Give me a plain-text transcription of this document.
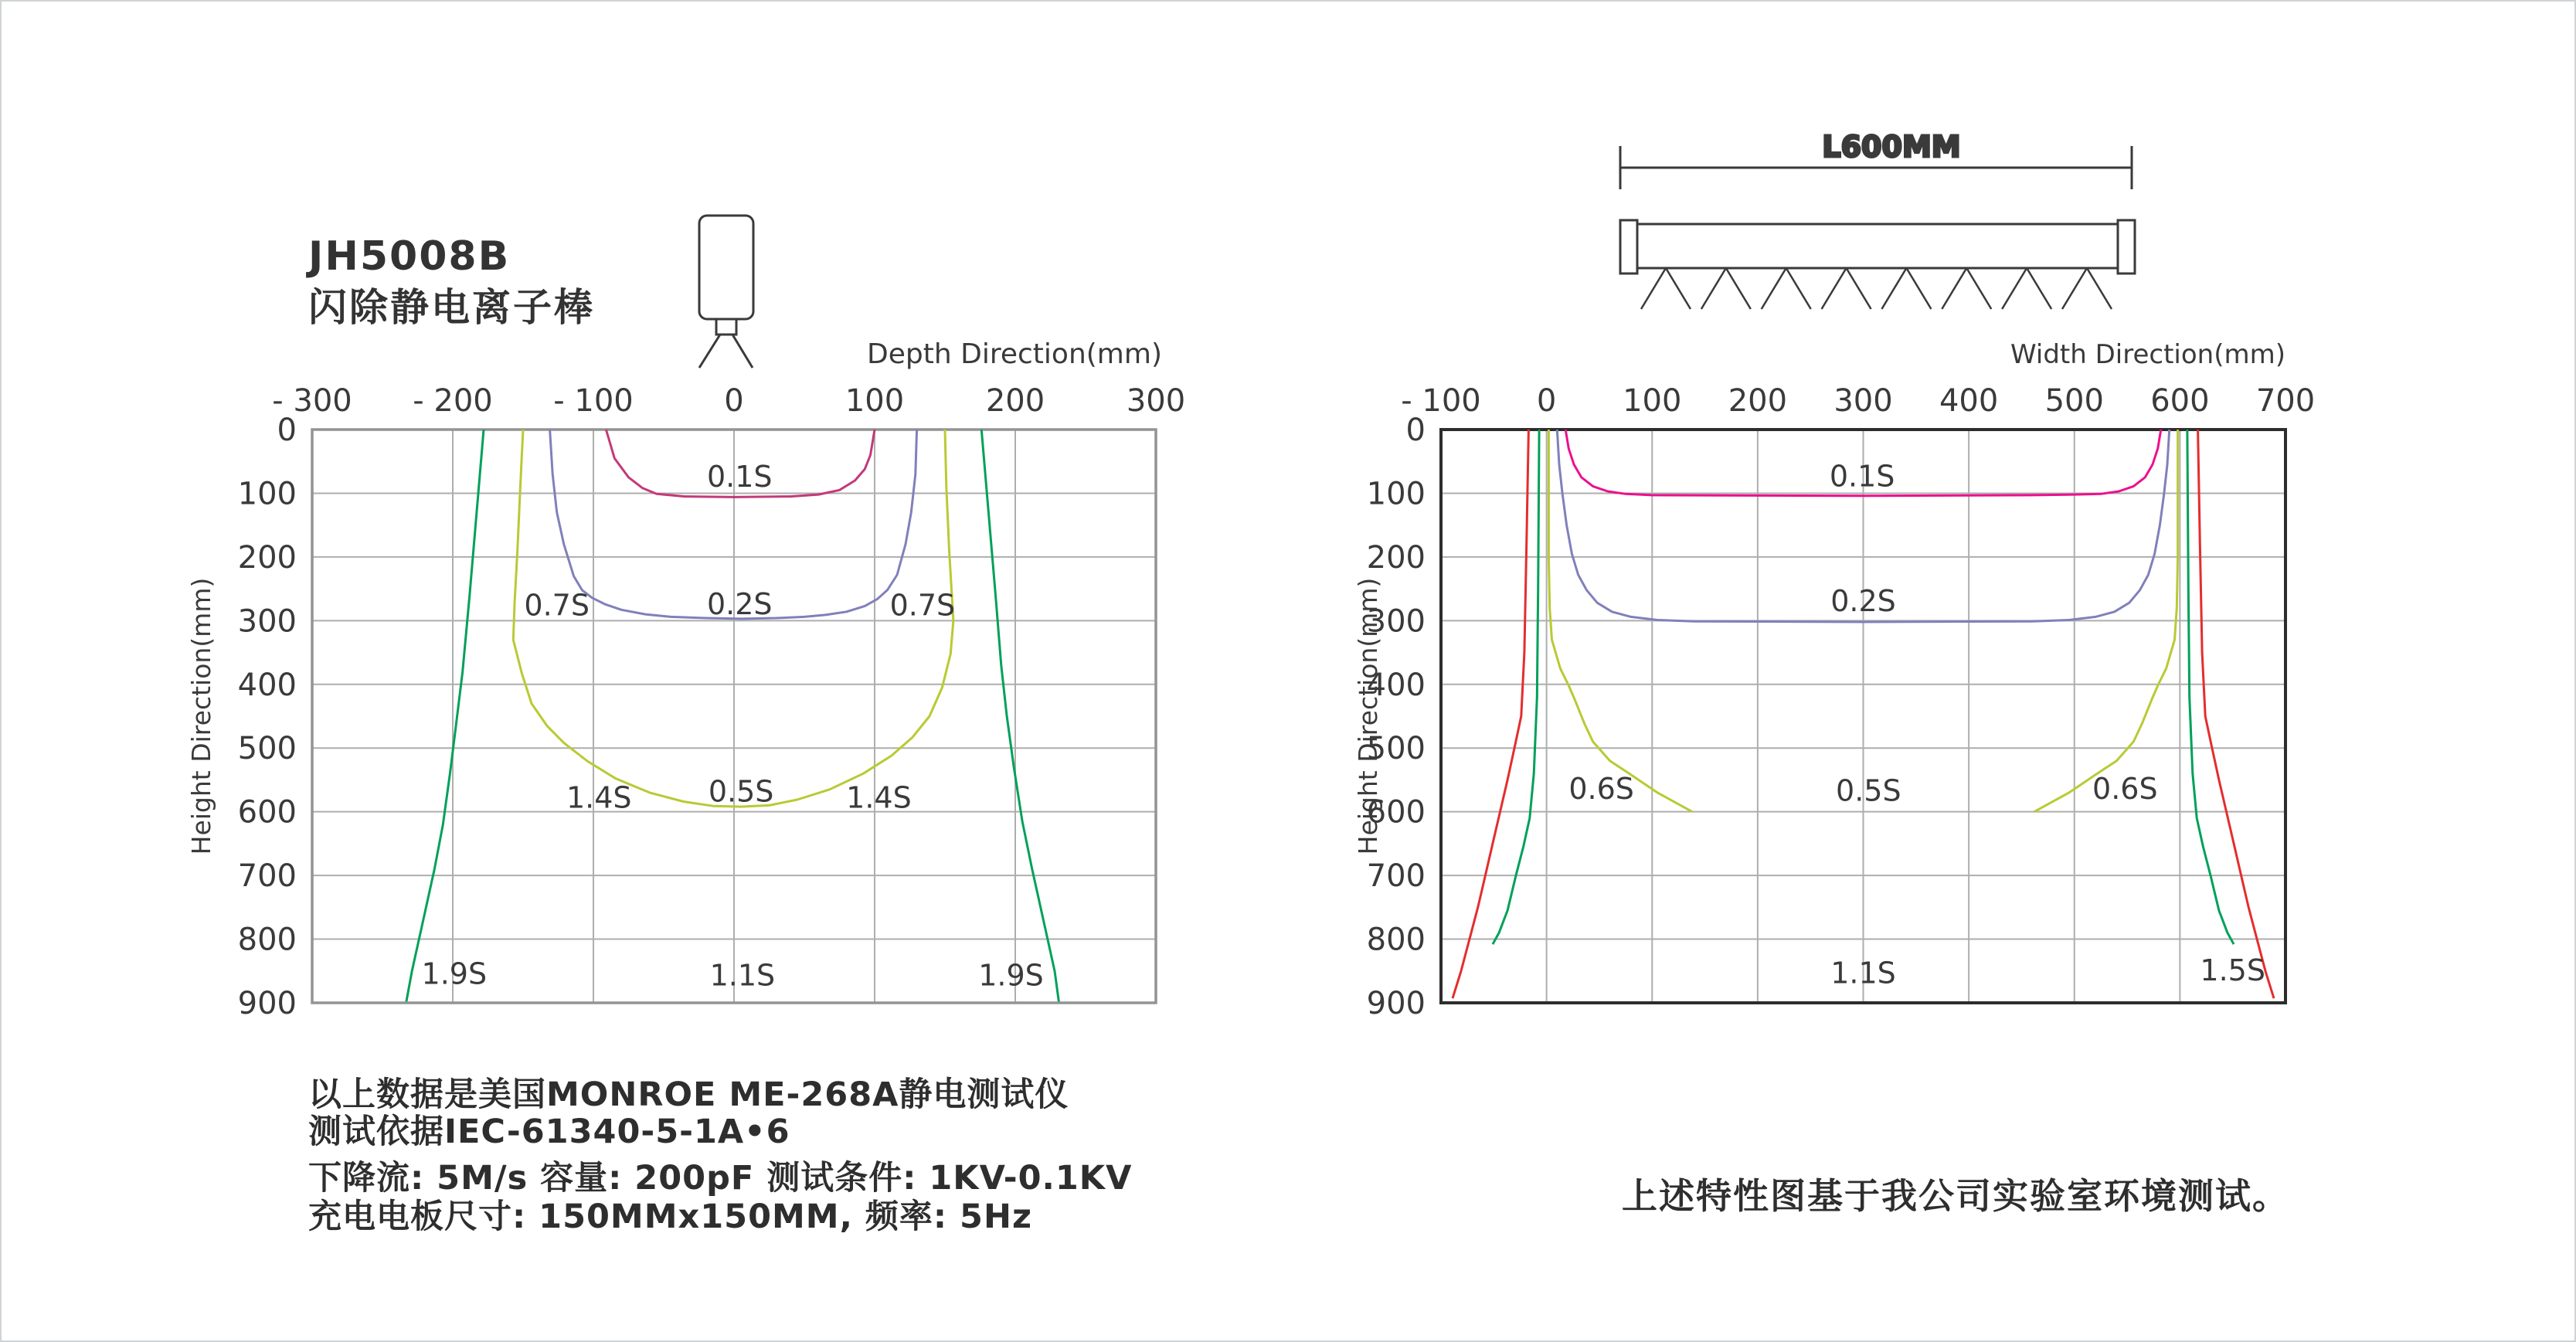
0.1S
0.7S	0.2S	0.7S
1.4S	0.5S 1.4S
1.9S	1.1S	1.9S
- 300 - 200 - 100	0	100	200	300
0
100
200
300
400
500
600
700
800
900
Depth Direction(mm)
Height Direction(mm)
0.1S
0.2S
0.6S	0.5S	0.6S
1.1S	1.5S
- 100 0 100 200 300 400 500 600 700
0
100
200
300
400
500
600
700
800
900
Width Direction(mm)
Height Direction(mm)
L600MM
JH5008B
闪除静电离子棒
以上数据是美国MONROE ME-268A静电测试仪
测试依据IEC-61340-5-1A•6
下降流: 5M/s 容量: 200pF 测试条件: 1KV-0.1KV
充电电板尺寸: 150MMx150MM, 频率: 5Hz	上述特性图基于我公司实验室环境测试。
